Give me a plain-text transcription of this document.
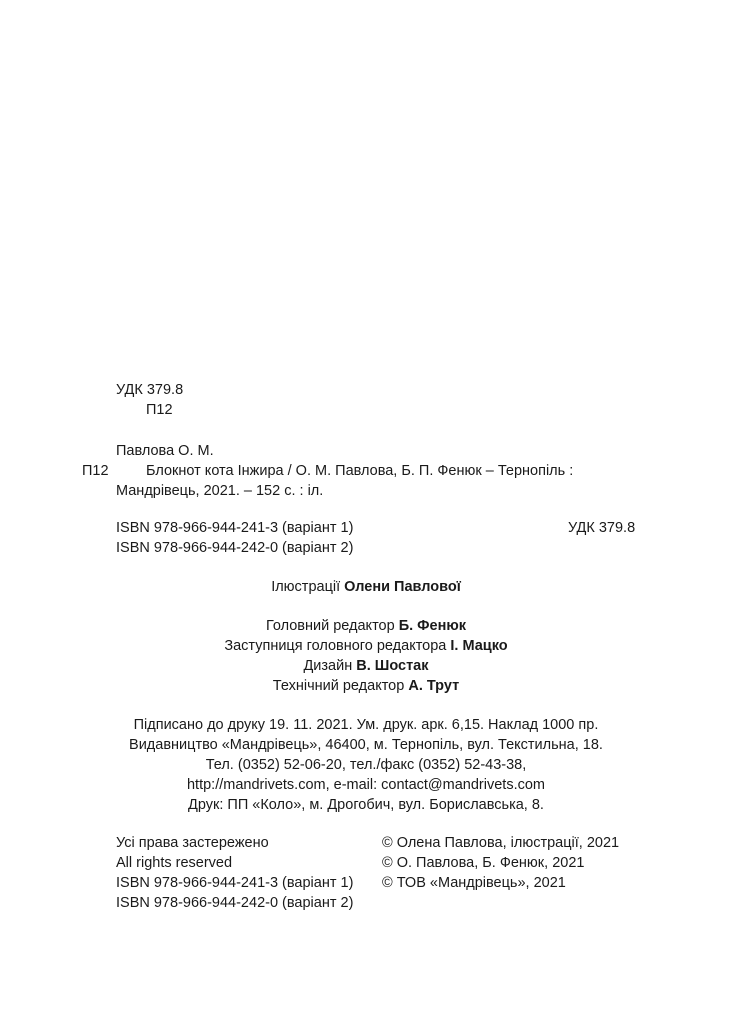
УДК 379.8
П12
Павлова О. М.
П12	Блокнот кота Інжира / О. М. Павлова, Б. П. Фенюк – Тернопіль :
Мандрівець, 2021. – 152 с. : іл.
ISBN 978-966-944-241-3 (варіант 1)
ISBN 978-966-944-242-0 (варіант 2)
УДК 379.8
Ілюстрації Олени Павлової
Головний редактор Б. Фенюк
Заступниця головного редактора І. Мацко
Дизайн В. Шостак
Технічний редактор А. Трут
Підписано до друку 19. 11. 2021. Ум. друк. арк. 6,15. Наклад 1000 пр.
Видавництво «Мандрівець», 46400, м. Тернопіль, вул. Текстильна, 18.
Тел. (0352) 52-06-20, тел./факс (0352) 52-43-38,
http://mandrivets.com, e-mail: contact@mandrivets.com
Друк: ПП «Коло», м. Дрогобич, вул. Бориславська, 8.
Усі права застережено
All rights reserved
ISBN 978-966-944-241-3 (варіант 1)
ISBN 978-966-944-242-0 (варіант 2)
© Олена Павлова, ілюстрації, 2021
© О. Павлова, Б. Фенюк, 2021
© ТОВ «Мандрівець», 2021
